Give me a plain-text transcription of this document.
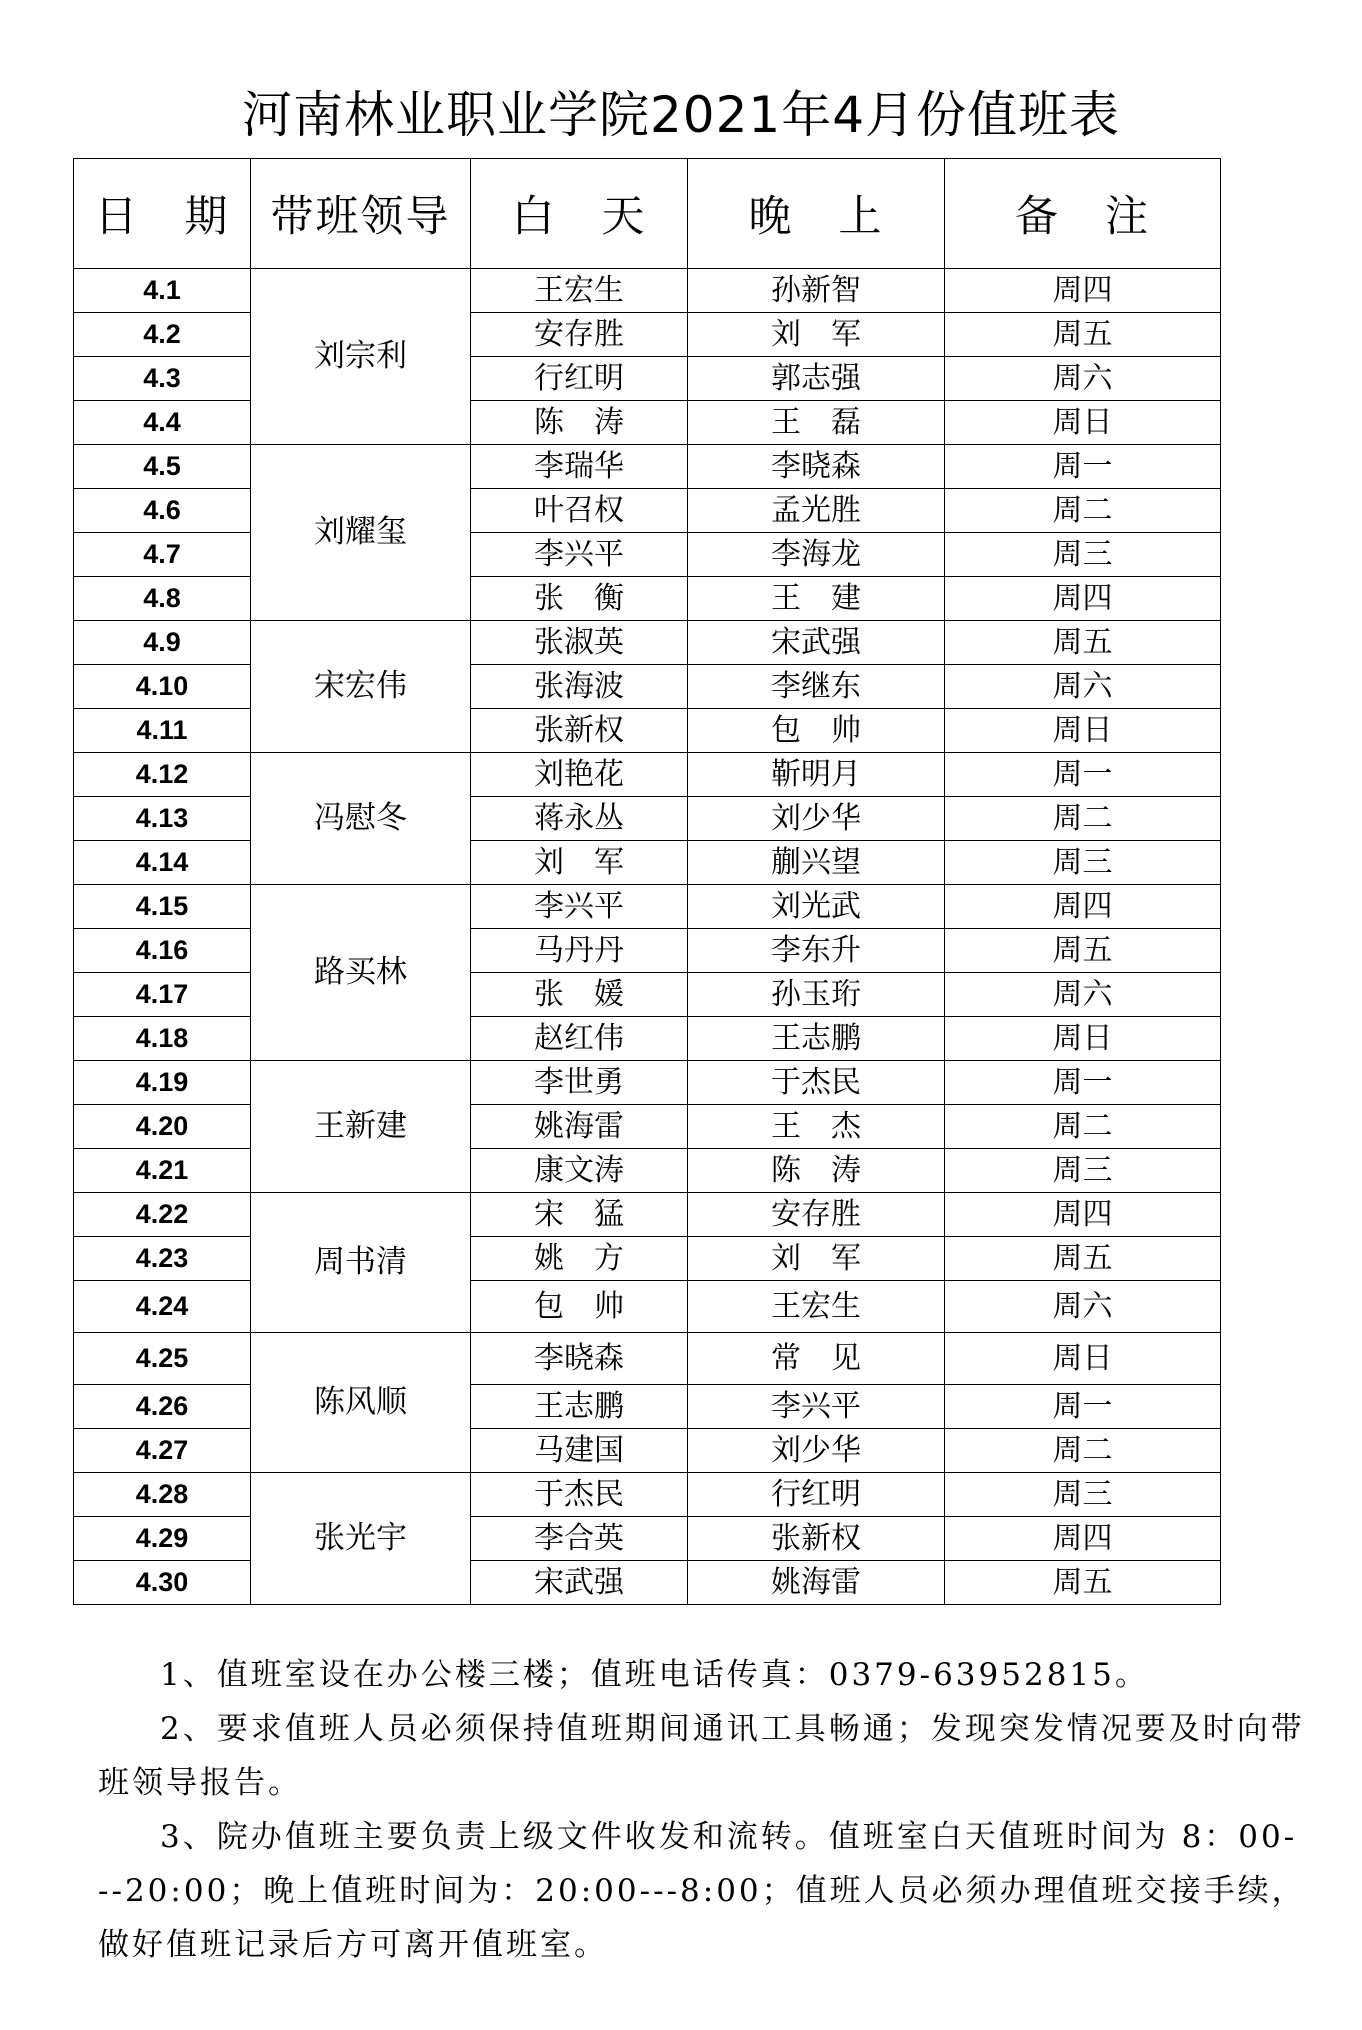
河南林业职业学院2021年4月份值班表
日　期	带班领导	白　天	晚　上	备　注
4.1	刘宗利	王宏生	孙新智	周四
4.2		安存胜	刘　军	周五
4.3		行红明	郭志强	周六
4.4		陈　涛	王　磊	周日
4.5	刘耀玺	李瑞华	李晓森	周一
4.6		叶召权	孟光胜	周二
4.7		李兴平	李海龙	周三
4.8		张　衡	王　建	周四
4.9	宋宏伟	张淑英	宋武强	周五
4.10		张海波	李继东	周六
4.11		张新权	包　帅	周日
4.12	冯慰冬	刘艳花	靳明月	周一
4.13		蒋永丛	刘少华	周二
4.14		刘　军	蒯兴望	周三
4.15	路买林	李兴平	刘光武	周四
4.16		马丹丹	李东升	周五
4.17		张　媛	孙玉珩	周六
4.18		赵红伟	王志鹏	周日
4.19	王新建	李世勇	于杰民	周一
4.20		姚海雷	王　杰	周二
4.21		康文涛	陈　涛	周三
4.22	周书清	宋　猛	安存胜	周四
4.23		姚　方	刘　军	周五
4.24		包　帅	王宏生	周六
4.25	陈风顺	李晓森	常　见	周日
4.26		王志鹏	李兴平	周一
4.27		马建国	刘少华	周二
4.28	张光宇	于杰民	行红明	周三
4.29		李合英	张新权	周四
4.30		宋武强	姚海雷	周五

1、值班室设在办公楼三楼；值班电话传真：0379-63952815。

2、要求值班人员必须保持值班期间通讯工具畅通；发现突发情况要及时向带班领导报告。

3、院办值班主要负责上级文件收发和流转。值班室白天值班时间为 8：00---20:00；晚上值班时间为：20:00---8:00；值班人员必须办理值班交接手续，做好值班记录后方可离开值班室。
